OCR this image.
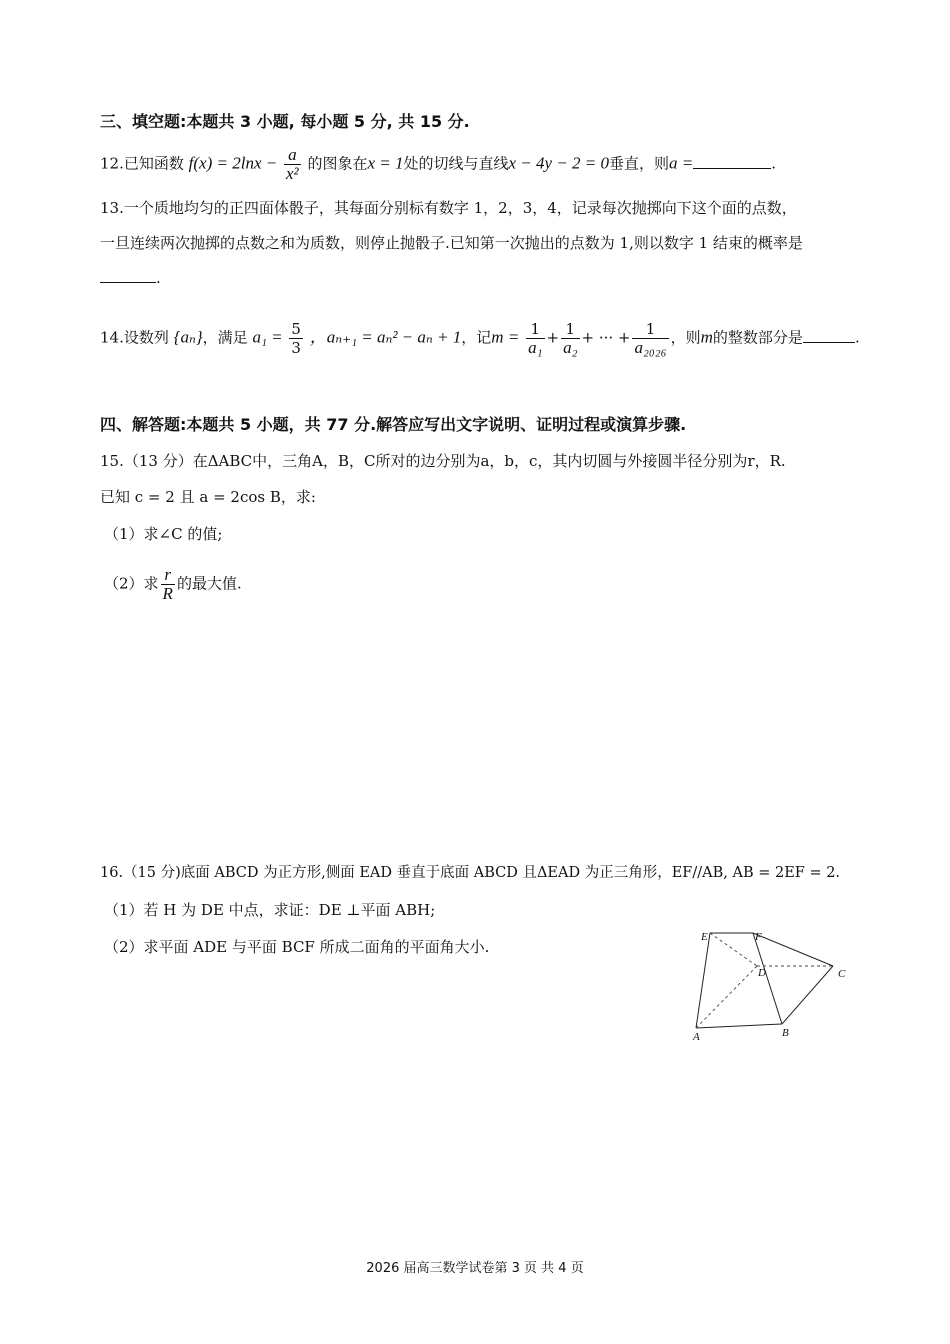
三、填空题:本题共 3 小题, 每小题 5 分, 共 15 分.
12.已知函数 $f(x) = 2\ln x - \frac{a}{\text{x²}}$ 的图象在x = 1处的切线与直线x − 4y − 2 = 0垂直，则a =	.
13.一个质地均匀的正四面体骰子，其每面分别标有数字 1，2，3，4，记录每次抛掷向下这个面的点数，
一旦连续两次抛掷的点数之和为质数，则停止抛骰子.已知第一次抛出的点数为 1,则以数字 1 结束的概率是
.
14.设数列 {aₙ}，满足 $a_1 = \frac{5}{3}$ ，aₙ₊₁ = aₙ² − aₙ + 1，记$m = \frac{1}{\text{a₁}} + \frac{1}{\text{a₂}}$ + ··· + $\frac{1}{\text{a₂₀₂₆}}$ ，则m的整数部分是	.
四、解答题:本题共 5 小题，共 77 分.解答应写出文字说明、证明过程或演算步骤.
15.（13 分）在ΔABC中，三角A，B，C所对的边分别为a，b，c，其内切圆与外接圆半径分别为r，R.
已知 c = 2 且 a = 2cos B，求:
（1）求∠C 的值;
（2）求 $\frac{r}{R}$ 的最大值.
16.（15 分)底面 ABCD 为正方形,侧面 EAD 垂直于底面 ABCD 且ΔEAD 为正三角形，EF//AB, AB = 2EF = 2.
（1）若 H 为 DE 中点，求证：DE ⊥平面 ABH;
（2）求平面 ADE 与平面 BCF 所成二面角的平面角大小.
E	F
D	C
A	B
2026 届高三数学试卷第 3 页 共 4 页
